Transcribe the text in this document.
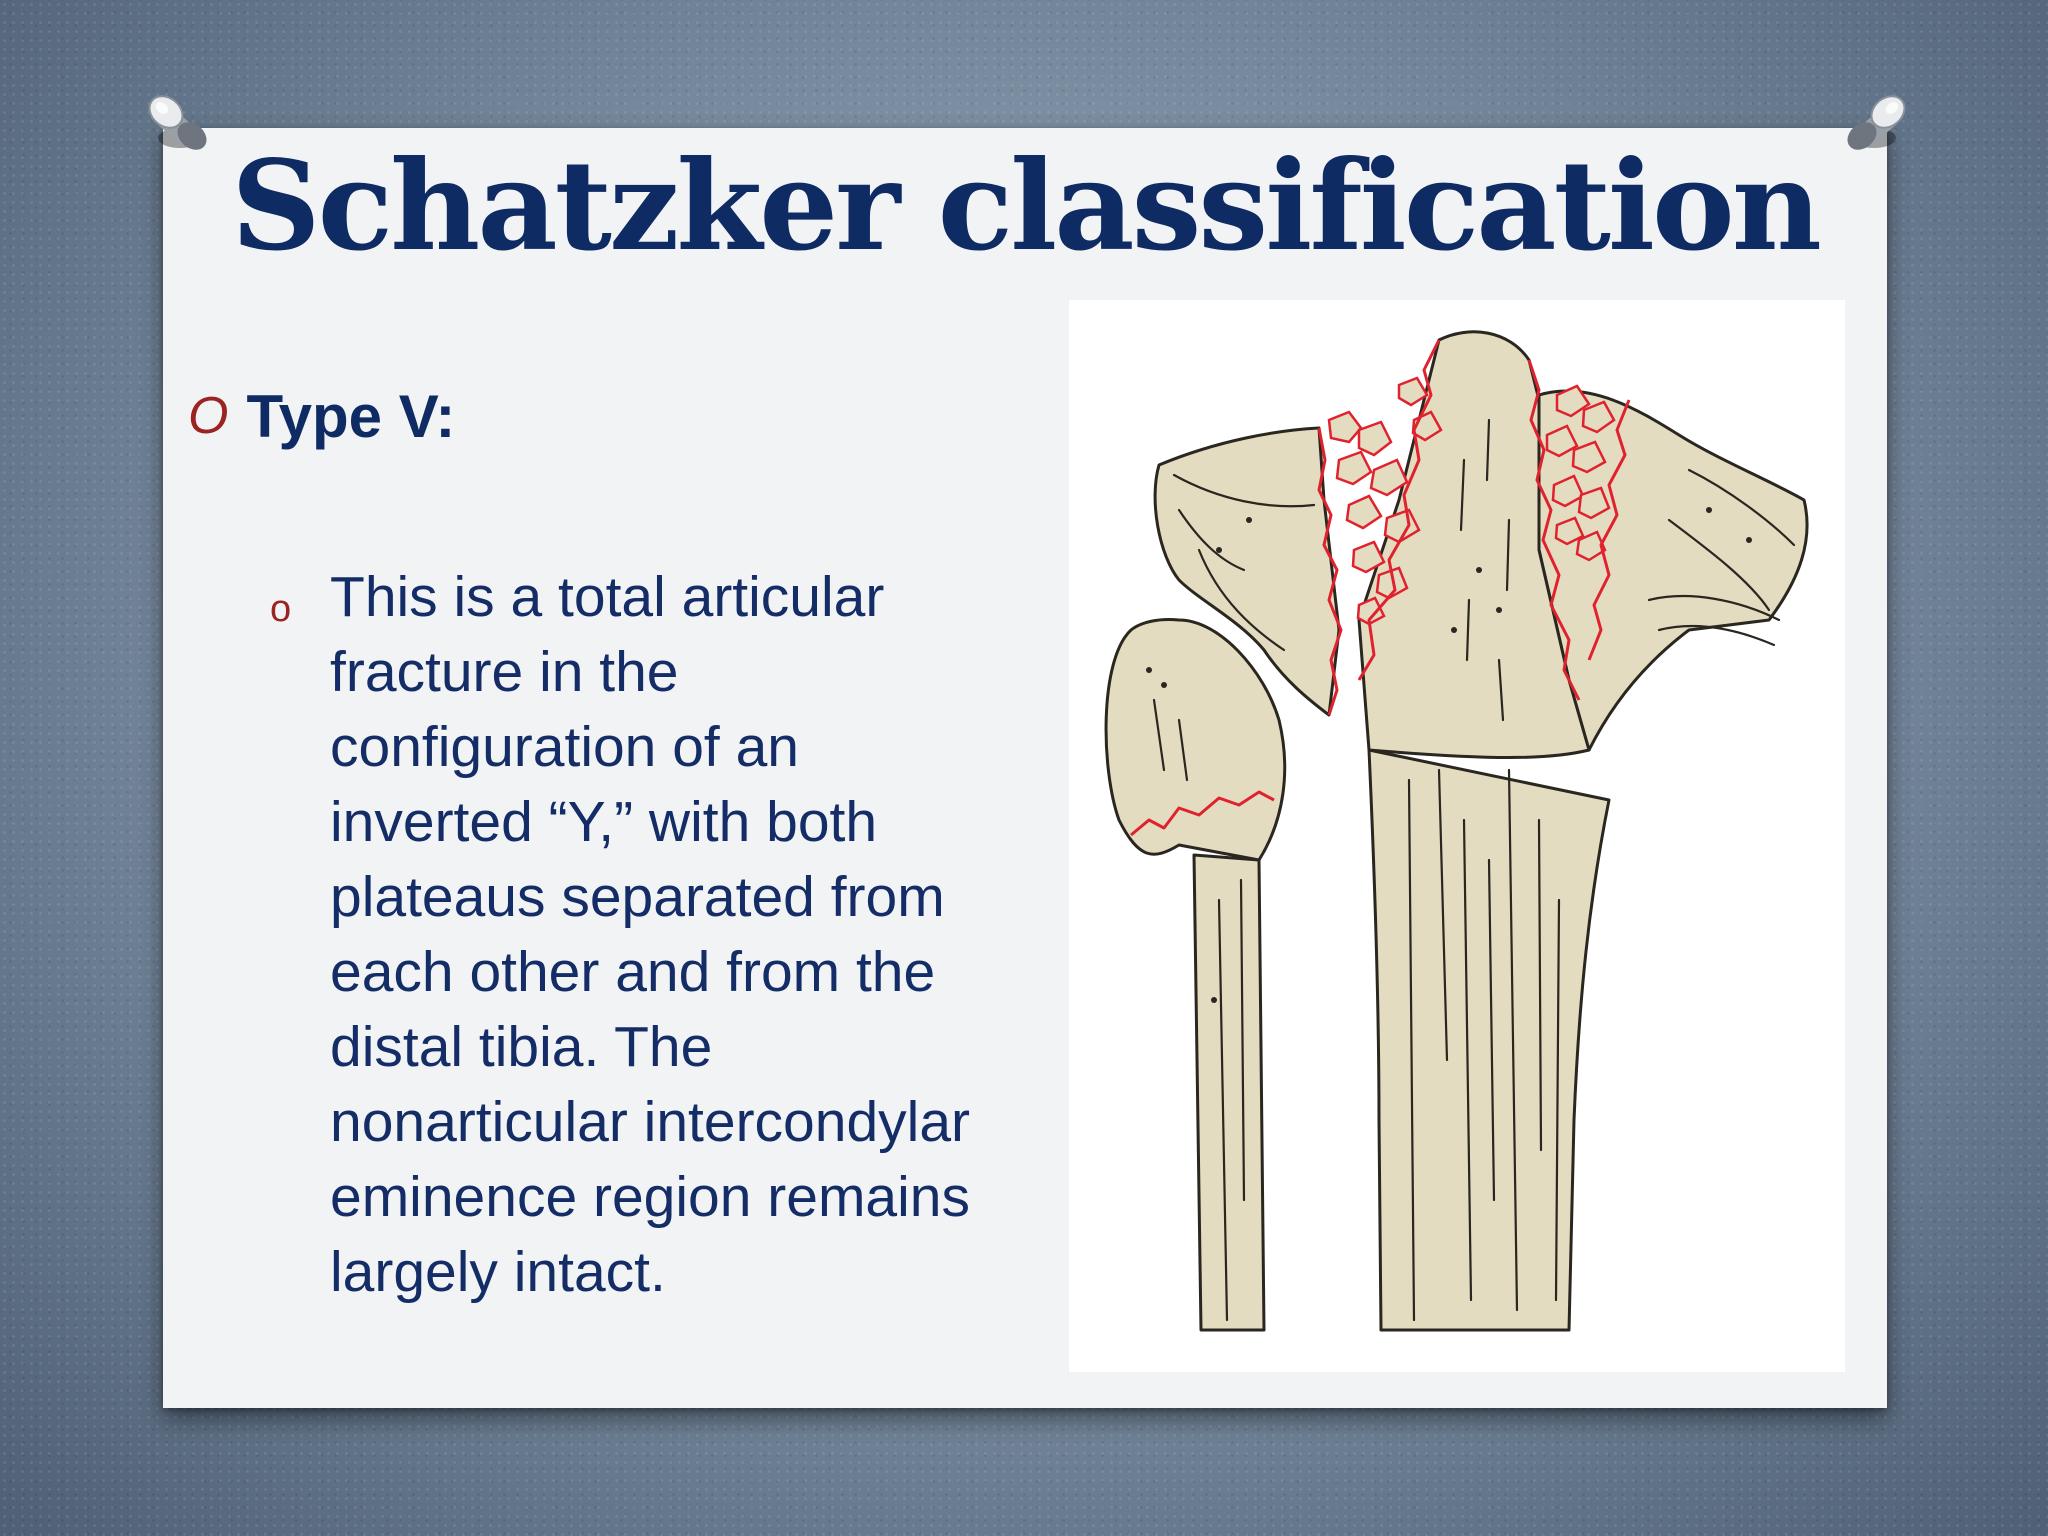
Schatzker classification
O Type V:
o This is a total articular
fracture in the
configuration of an
inverted “Y,” with both
plateaus separated from
each other and from the
distal tibia. The
nonarticular intercondylar
eminence region remains
largely intact.
